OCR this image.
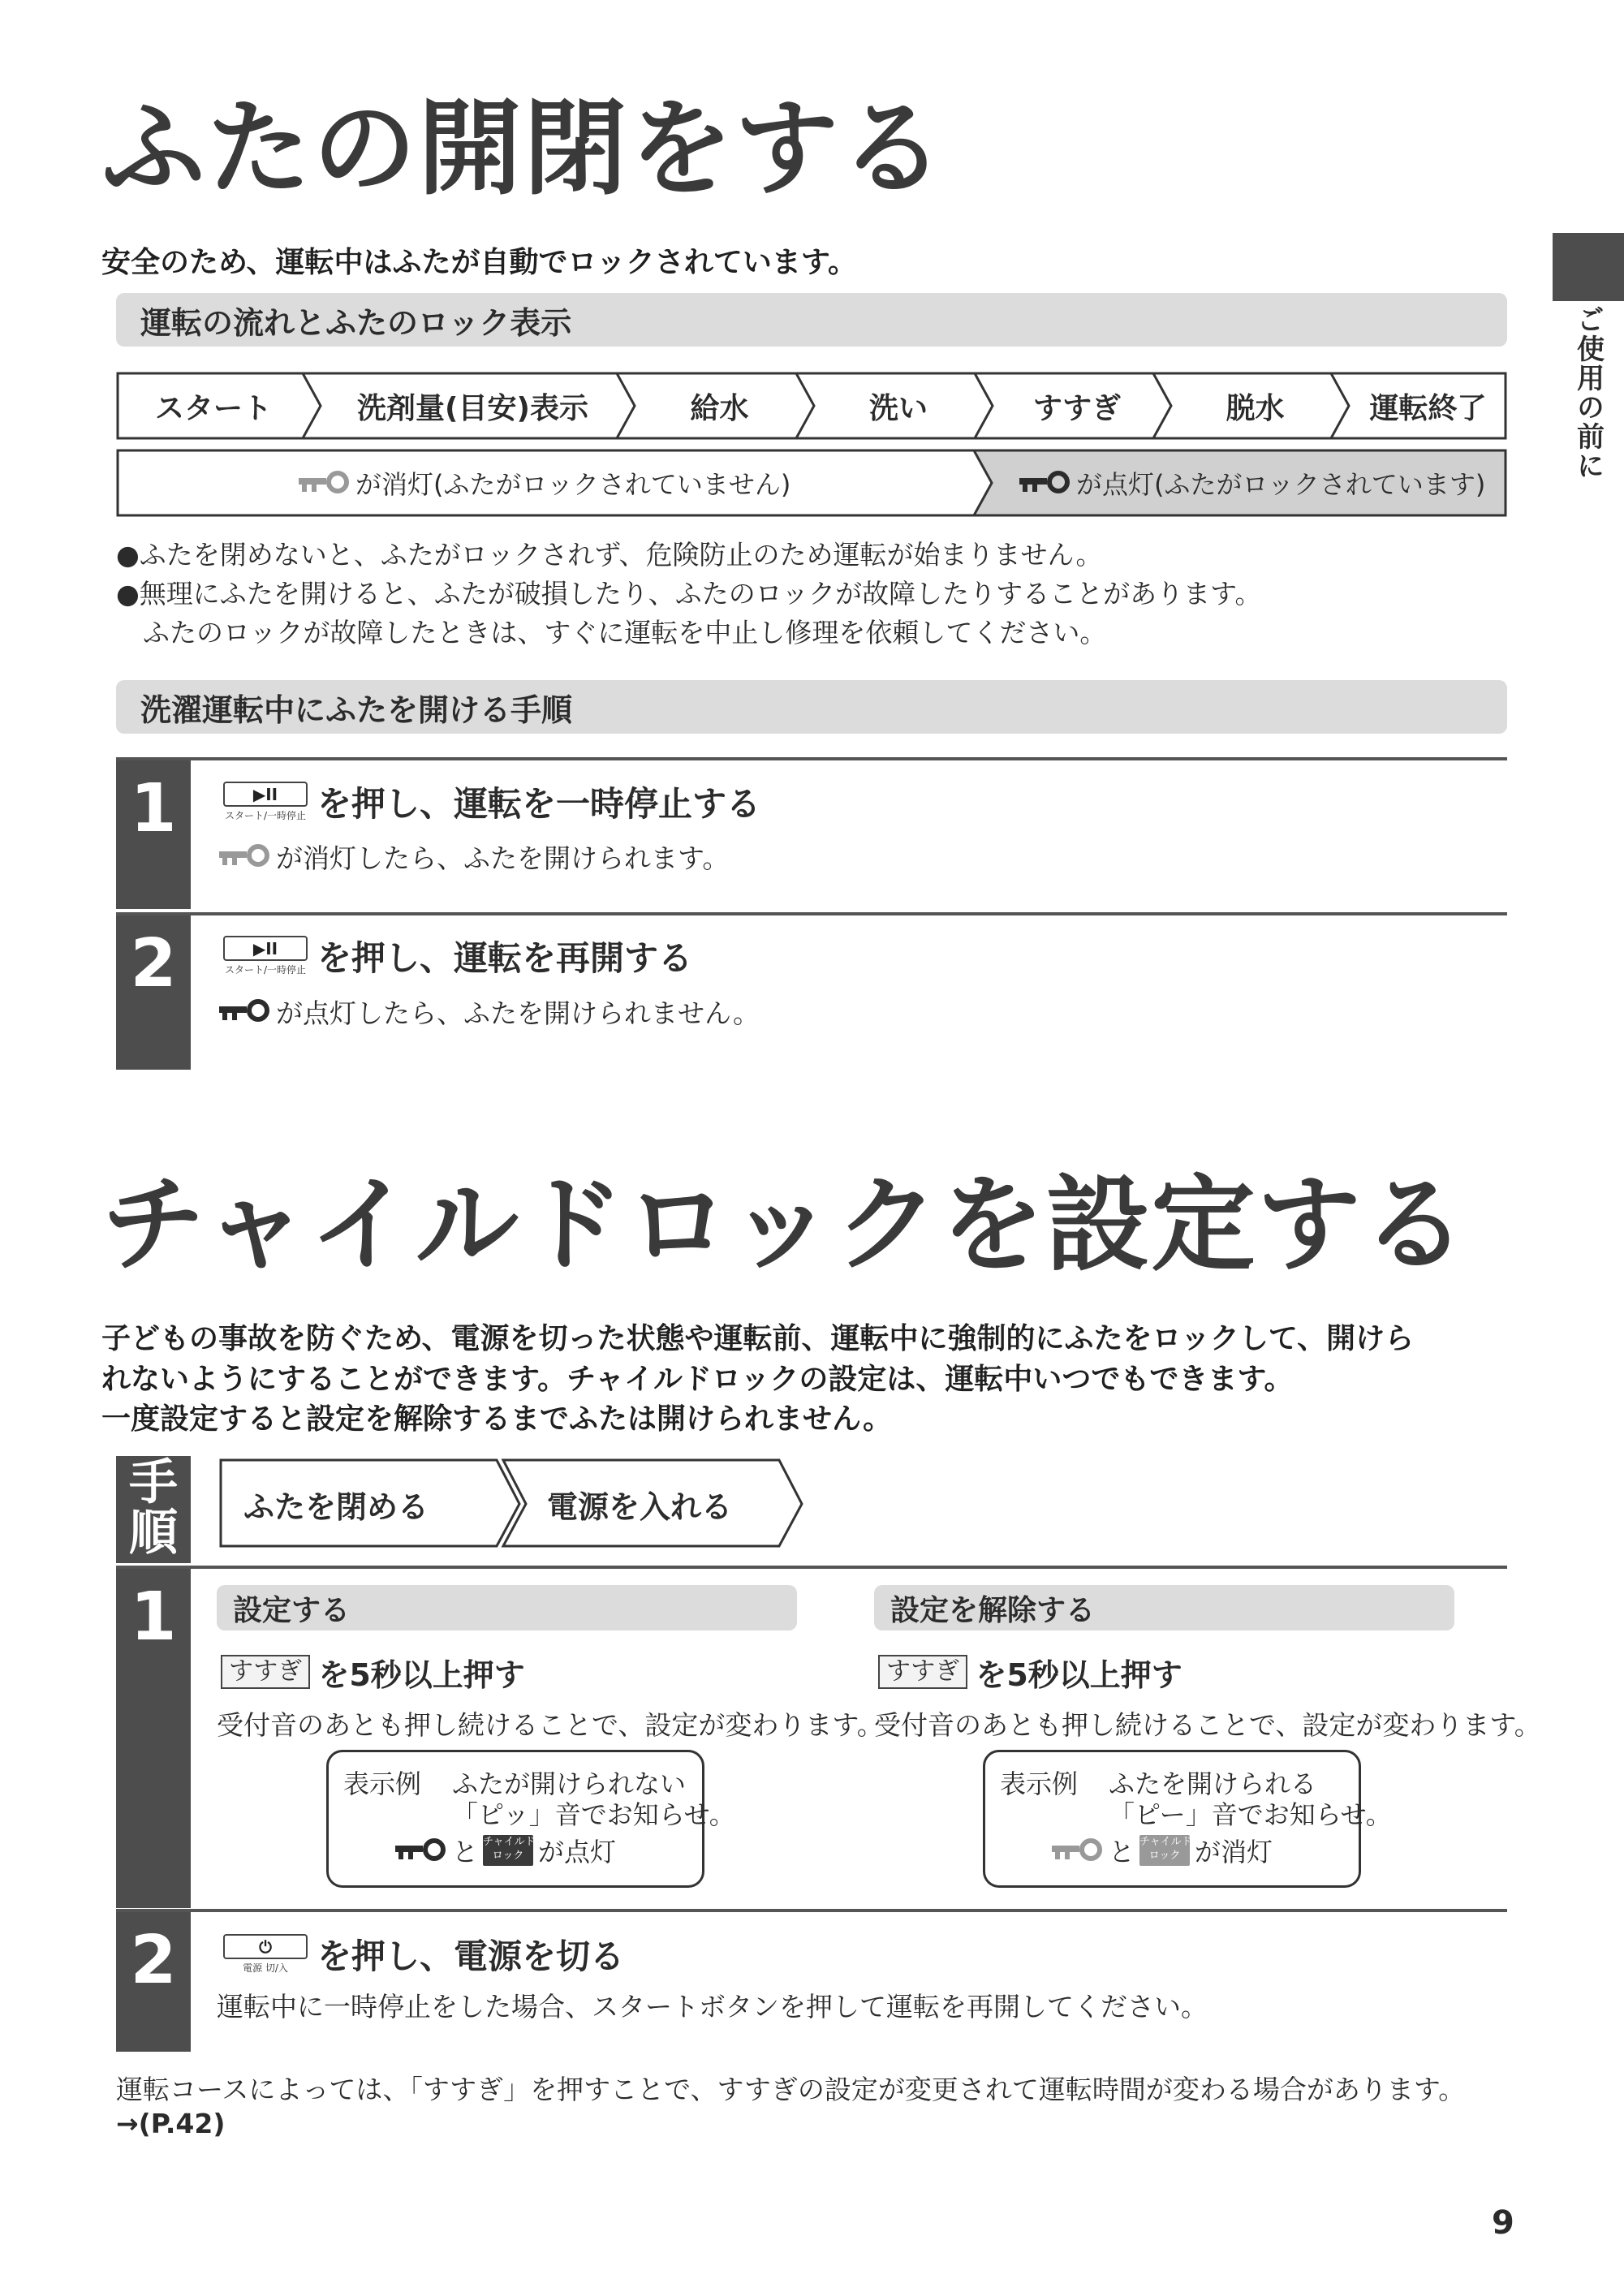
ご使用の前に
ふたの開閉をする
安全のため、運転中はふたが自動でロックされています。
運転の流れとふたのロック表示
スタート	洗剤量(目安)表示	給水	洗い	すすぎ	脱水	運転終了
が消灯(ふたがロックされていません)	が点灯(ふたがロックされています)
●ふたを閉めないと、ふたがロックされず、危険防止のため運転が始まりません。
●無理にふたを開けると、ふたが破損したり、ふたのロックが故障したりすることがあります。
　ふたのロックが故障したときは、すぐに運転を中止し修理を依頼してください。
洗濯運転中にふたを開ける手順
1	▶II
スタート/一時停止 を押し、運転を一時停止する
が消灯したら、ふたを開けられます。
2	▶II
スタート/一時停止 を押し、運転を再開する
が点灯したら、ふたを開けられません。
チャイルドロックを設定する
子どもの事故を防ぐため、電源を切った状態や運転前、運転中に強制的にふたをロックして、開けら
れないようにすることができます。チャイルドロックの設定は、運転中いつでもできます。
一度設定すると設定を解除するまでふたは開けられません。
手順 ふたを閉める	電源を入れる
1	設定する
すすぎ を5秒以上押す
受付音のあとも押し続けることで、設定が変わります。
表示例 ふたが開けられない
「ピッ」音でお知らせ。
と チャイルド
ロック が点灯
設定を解除する
すすぎ を5秒以上押す
受付音のあとも押し続けることで、設定が変わります。
表示例 ふたを開けられる
「ピー」音でお知らせ。
と チャイルド
ロック が消灯
2	⏻
電源 切/入 を押し、電源を切る
運転中に一時停止をした場合、スタートボタンを押して運転を再開してください。
運転コースによっては、「すすぎ」を押すことで、すすぎの設定が変更されて運転時間が変わる場合があります。
→(P.42)
9
